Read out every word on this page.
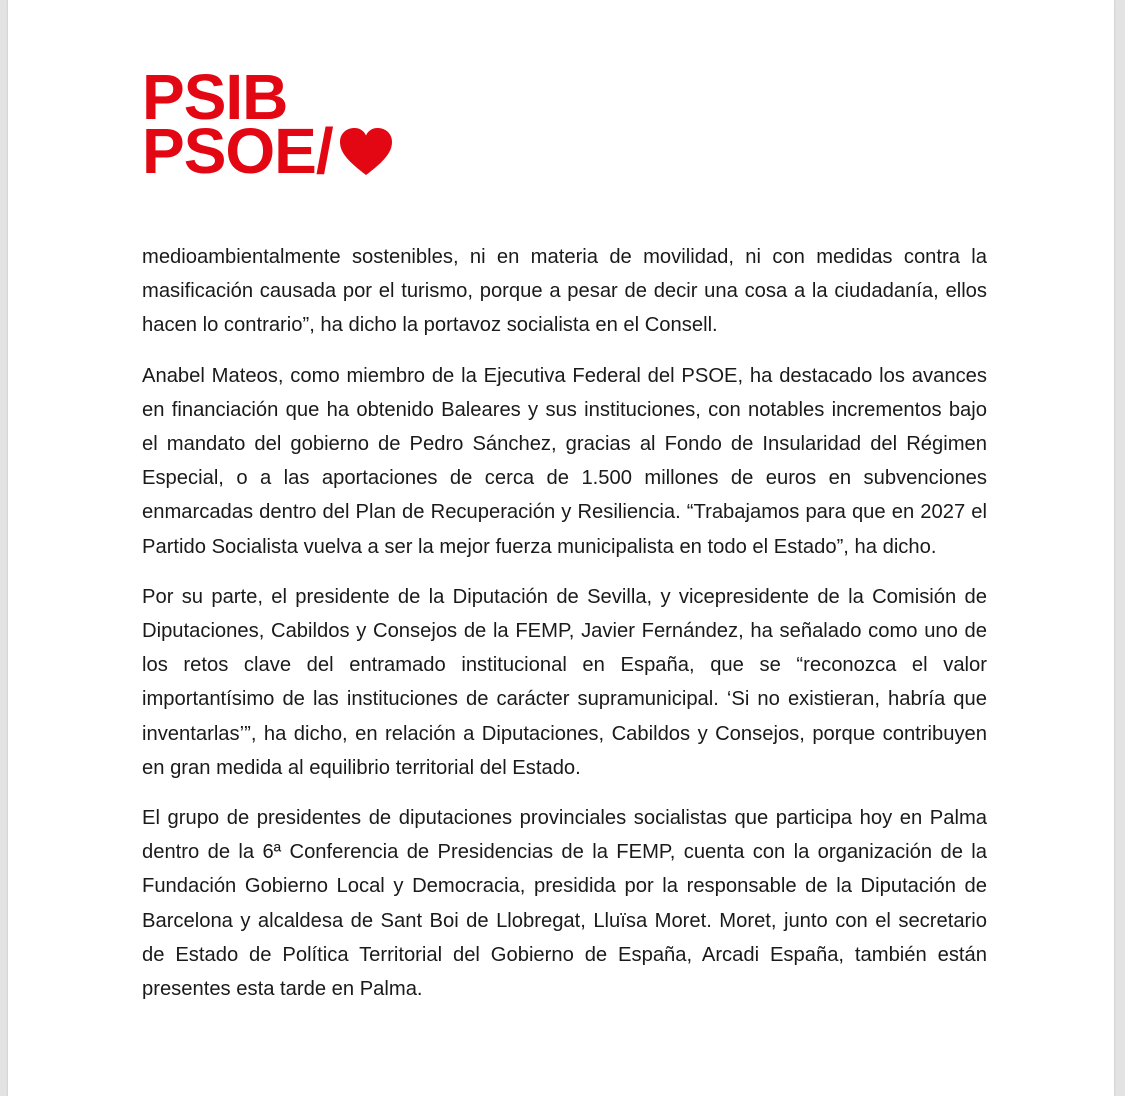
PSIB
PSOE/

medioambientalmente sostenibles, ni en materia de movilidad, ni con medidas contra la masificación causada por el turismo, porque a pesar de decir una cosa a la ciudadanía, ellos hacen lo contrario”, ha dicho la portavoz socialista en el Consell.

Anabel Mateos, como miembro de la Ejecutiva Federal del PSOE, ha destacado los avances en financiación que ha obtenido Baleares y sus instituciones, con notables incrementos bajo el mandato del gobierno de Pedro Sánchez, gracias al Fondo de Insularidad del Régimen Especial, o a las aportaciones de cerca de 1.500 millones de euros en subvenciones enmarcadas dentro del Plan de Recuperación y Resiliencia. “Trabajamos para que en 2027 el Partido Socialista vuelva a ser la mejor fuerza municipalista en todo el Estado”, ha dicho.

Por su parte, el presidente de la Diputación de Sevilla, y vicepresidente de la Comisión de Diputaciones, Cabildos y Consejos de la FEMP, Javier Fernández, ha señalado como uno de los retos clave del entramado institucional en España, que se “reconozca el valor importantísimo de las instituciones de carácter supramunicipal. ‘Si no existieran, habría que inventarlas’”, ha dicho, en relación a Diputaciones, Cabildos y Consejos, porque contribuyen en gran medida al equilibrio territorial del Estado.

El grupo de presidentes de diputaciones provinciales socialistas que participa hoy en Palma dentro de la 6ª Conferencia de Presidencias de la FEMP, cuenta con la organización de la Fundación Gobierno Local y Democracia, presidida por la responsable de la Diputación de Barcelona y alcaldesa de Sant Boi de Llobregat, Lluïsa Moret. Moret, junto con el secretario de Estado de Política Territorial del Gobierno de España, Arcadi España, también están presentes esta tarde en Palma.
